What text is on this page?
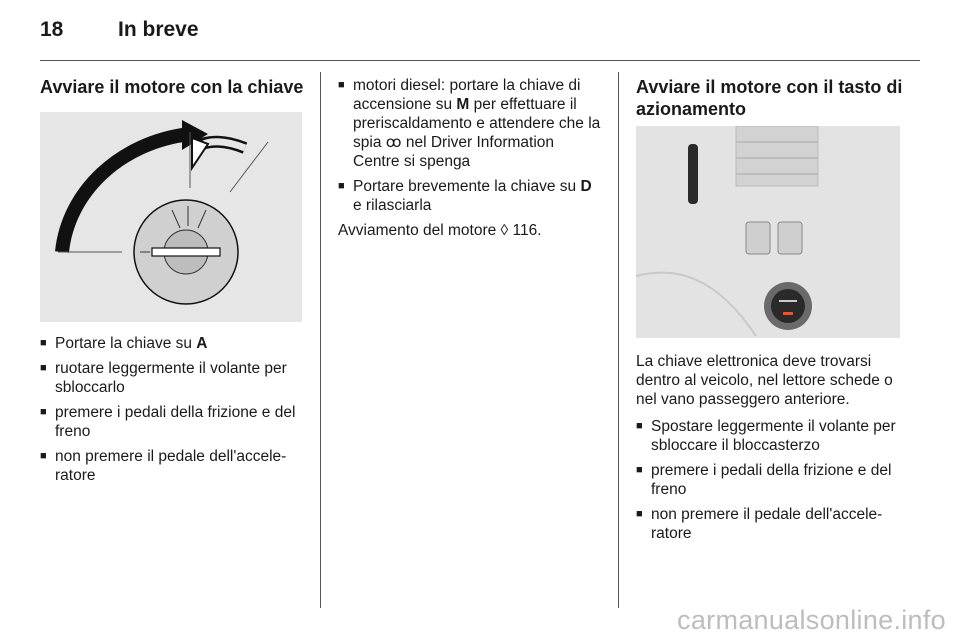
18	In breve
Avviare il motore con la chiave
■ Portare la chiave su A
■ ruotare leggermente il volante per sbloccarlo
■ premere i pedali della frizione e del freno
■ non premere il pedale dell'accele-ratore
■ motori diesel: portare la chiave di accensione su M per effettuare il preriscaldamento e attendere che la spia ꝏ nel Driver Information Centre si spenga
■ Portare brevemente la chiave su D e rilasciarla
Avviamento del motore ◊ 116.
Avviare il motore con il tasto di azionamento

La chiave elettronica deve trovarsi dentro al veicolo, nel lettore schede o nel vano passeggero anteriore.

■ Spostare leggermente il volante per sbloccare il bloccasterzo
■ premere i pedali della frizione e del freno
■ non premere il pedale dell'accele-ratore
carmanualsonline.info
